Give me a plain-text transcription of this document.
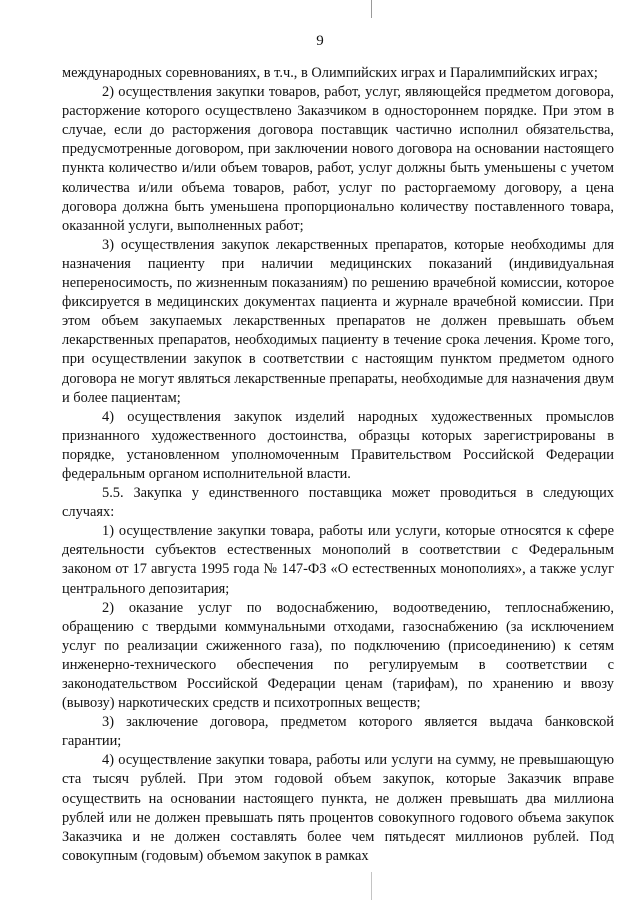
9

международных соревнованиях, в т.ч., в Олимпийских играх и Паралимпийских играх;

2) осуществления закупки товаров, работ, услуг, являющейся предметом договора, расторжение которого осуществлено Заказчиком в одностороннем порядке. При этом в случае, если до расторжения договора поставщик частично исполнил обязательства, предусмотренные договором, при заключении нового договора на основании настоящего пункта количество и/или объем товаров, работ, услуг должны быть уменьшены с учетом количества и/или объема товаров, работ, услуг по расторгаемому договору, а цена договора должна быть уменьшена пропорционально количеству поставленного товара, оказанной услуги, выполненных работ;

3) осуществления закупок лекарственных препаратов, которые необходимы для назначения пациенту при наличии медицинских показаний (индивидуальная непереносимость, по жизненным показаниям) по решению врачебной комиссии, которое фиксируется в медицинских документах пациента и журнале врачебной комиссии. При этом объем закупаемых лекарственных препаратов не должен превышать объем лекарственных препаратов, необходимых пациенту в течение срока лечения. Кроме того, при осуществлении закупок в соответствии с настоящим пунктом предметом одного договора не могут являться лекарственные препараты, необходимые для назначения двум и более пациентам;

4) осуществления закупок изделий народных художественных промыслов признанного художественного достоинства, образцы которых зарегистрированы в порядке, установленном уполномоченным Правительством Российской Федерации федеральным органом исполнительной власти.

5.5. Закупка у единственного поставщика может проводиться в следующих случаях:

1) осуществление закупки товара, работы или услуги, которые относятся к сфере деятельности субъектов естественных монополий в соответствии с Федеральным законом от 17 августа 1995 года № 147-ФЗ «О естественных монополиях», а также услуг центрального депозитария;

2) оказание услуг по водоснабжению, водоотведению, теплоснабжению, обращению с твердыми коммунальными отходами, газоснабжению (за исключением услуг по реализации сжиженного газа), по подключению (присоединению) к сетям инженерно-технического обеспечения по регулируемым в соответствии с законодательством Российской Федерации ценам (тарифам), по хранению и ввозу (вывозу) наркотических средств и психотропных веществ;

3) заключение договора, предметом которого является выдача банковской гарантии;

4) осуществление закупки товара, работы или услуги на сумму, не превышающую ста тысяч рублей. При этом годовой объем закупок, которые Заказчик вправе осуществить на основании настоящего пункта, не должен превышать два миллиона рублей или не должен превышать пять процентов совокупного годового объема закупок Заказчика и не должен составлять более чем пятьдесят миллионов рублей. Под совокупным (годовым) объемом закупок в рамках
